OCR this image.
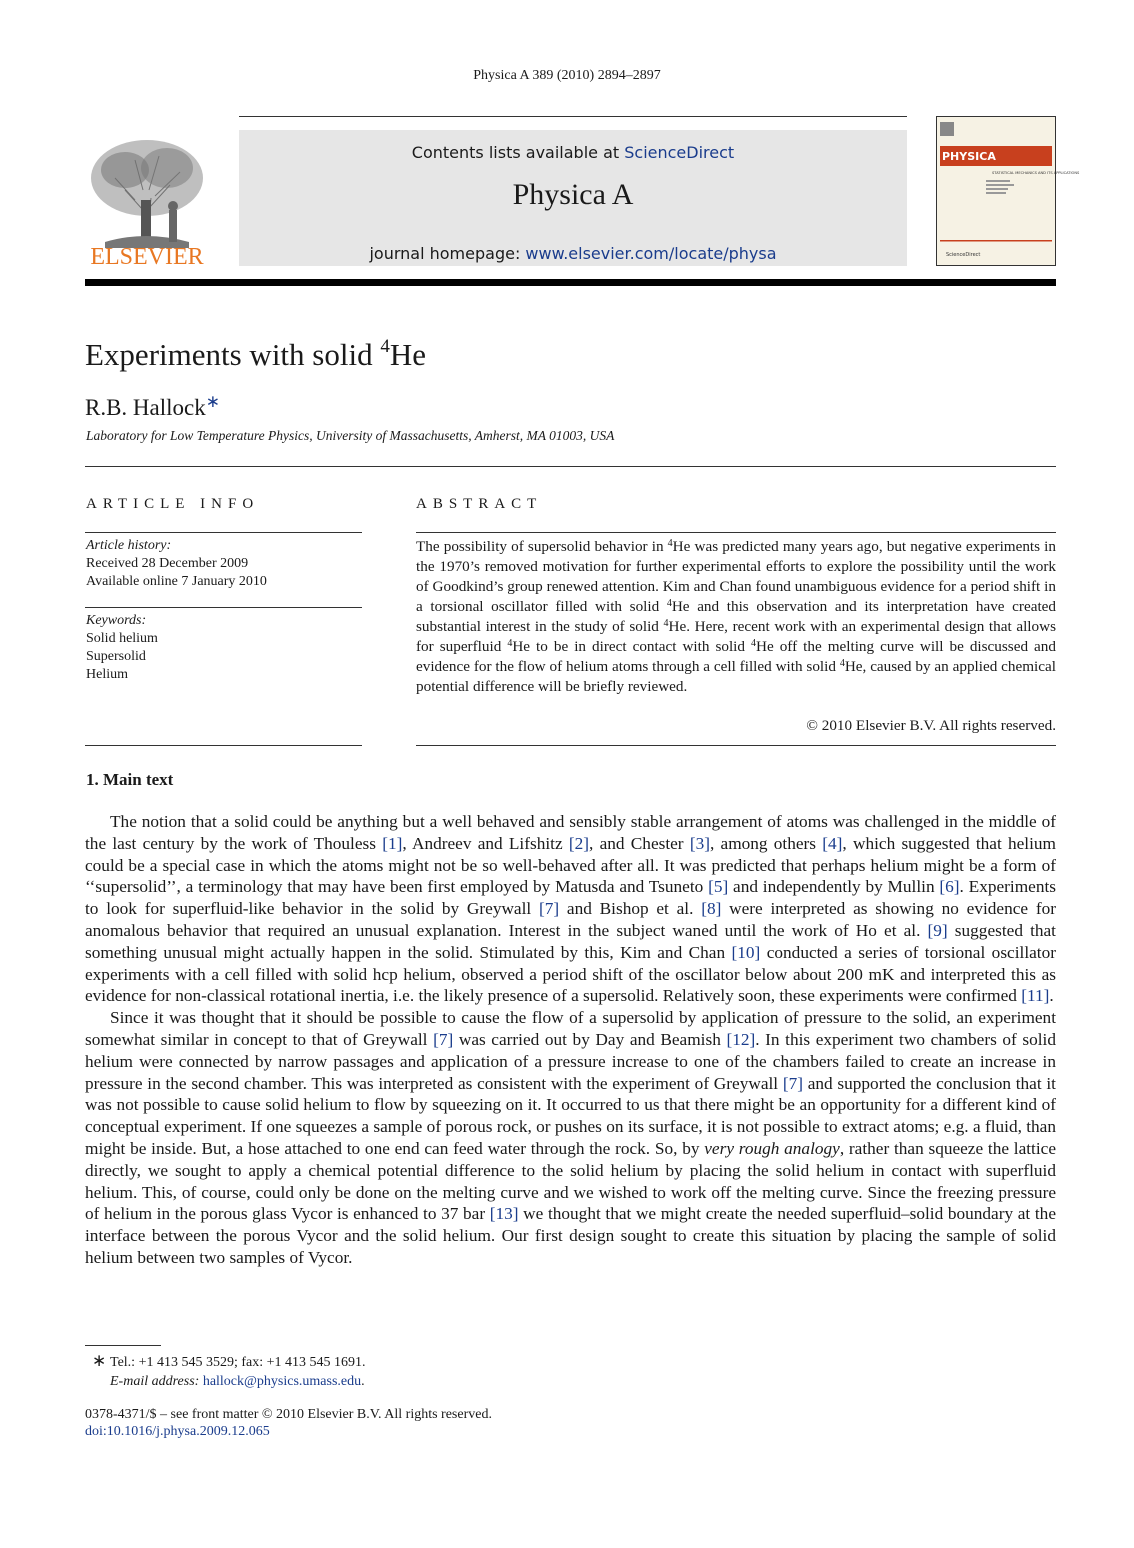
Physica A 389 (2010) 2894–2897
ELSEVIER
Contents lists available at ScienceDirect
Physica A
journal homepage: www.elsevier.com/locate/physa
PHYSICA
STATISTICAL MECHANICS AND ITS APPLICATIONS
ScienceDirect
Experiments with solid $^4$He
R.B. Hallock∗
Laboratory for Low Temperature Physics, University of Massachusetts, Amherst, MA 01003, USA
ARTICLE INFO
Article history:
Received 28 December 2009
Available online 7 January 2010
Keywords:
Solid helium
Supersolid
Helium
ABSTRACT
The possibility of supersolid behavior in $^4$He was predicted many years ago, but negative experiments in the 1970’s removed motivation for further experimental efforts to explore the possibility until the work of Goodkind’s group renewed attention. Kim and Chan found unambiguous evidence for a period shift in a torsional oscillator filled with solid $^4$He and this observation and its interpretation have created substantial interest in the study of solid $^4$He. Here, recent work with an experimental design that allows for superfluid $^4$He to be in direct contact with solid $^4$He off the melting curve will be discussed and evidence for the flow of helium atoms through a cell filled with solid $^4$He, caused by an applied chemical potential difference will be briefly reviewed.
© 2010 Elsevier B.V. All rights reserved.
1. Main text

The notion that a solid could be anything but a well behaved and sensibly stable arrangement of atoms was challenged in the middle of the last century by the work of Thouless [1], Andreev and Lifshitz [2], and Chester [3], among others [4], which suggested that helium could be a special case in which the atoms might not be so well-behaved after all. It was predicted that perhaps helium might be a form of ‘‘supersolid’’, a terminology that may have been first employed by Matusda and Tsuneto [5] and independently by Mullin [6]. Experiments to look for superfluid-like behavior in the solid by Greywall [7] and Bishop et al. [8] were interpreted as showing no evidence for anomalous behavior that required an unusual explanation. Interest in the subject waned until the work of Ho et al. [9] suggested that something unusual might actually happen in the solid. Stimulated by this, Kim and Chan [10] conducted a series of torsional oscillator experiments with a cell filled with solid hcp helium, observed a period shift of the oscillator below about 200 mK and interpreted this as evidence for non-classical rotational inertia, i.e. the likely presence of a supersolid. Relatively soon, these experiments were confirmed [11].

Since it was thought that it should be possible to cause the flow of a supersolid by application of pressure to the solid, an experiment somewhat similar in concept to that of Greywall [7] was carried out by Day and Beamish [12]. In this experiment two chambers of solid helium were connected by narrow passages and application of a pressure increase to one of the chambers failed to create an increase in pressure in the second chamber. This was interpreted as consistent with the experiment of Greywall [7] and supported the conclusion that it was not possible to cause solid helium to flow by squeezing on it. It occurred to us that there might be an opportunity for a different kind of conceptual experiment. If one squeezes a sample of porous rock, or pushes on its surface, it is not possible to extract atoms; e.g. a fluid, than might be inside. But, a hose attached to one end can feed water through the rock. So, by very rough analogy, rather than squeeze the lattice directly, we sought to apply a chemical potential difference to the solid helium by placing the solid helium in contact with superfluid helium. This, of course, could only be done on the melting curve and we wished to work off the melting curve. Since the freezing pressure of helium in the porous glass Vycor is enhanced to 37 bar [13] we thought that we might create the needed superfluid–solid boundary at the interface between the porous Vycor and the solid helium. Our first design sought to create this situation by placing the sample of solid helium between two samples of Vycor.

∗ Tel.: +1 413 545 3529; fax: +1 413 545 1691.
E-mail address: hallock@physics.umass.edu.
0378-4371/$ – see front matter © 2010 Elsevier B.V. All rights reserved.
doi:10.1016/j.physa.2009.12.065
